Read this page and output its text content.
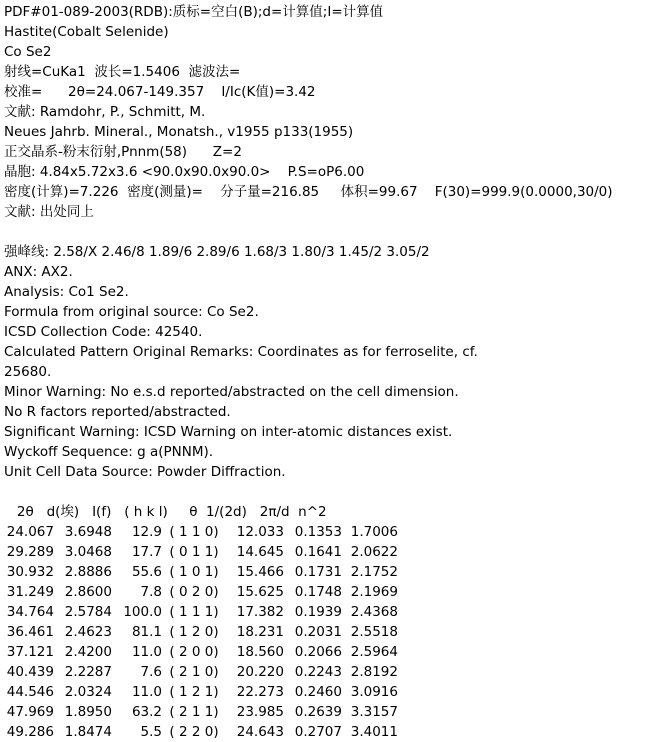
PDF#01-089-2003(RDB):质标=空白(B);d=计算值;I=计算值
Hastite(Cobalt Selenide)
Co Se2
射线=CuKa1  波长=1.5406  滤波法=
校准=      2θ=24.067-149.357    I/Ic(K值)=3.42
文献: Ramdohr, P., Schmitt, M.
Neues Jahrb. Mineral., Monatsh., v1955 p133(1955)
正交晶系-粉末衍射,Pnnm(58)      Z=2
晶胞: 4.84x5.72x3.6 <90.0x90.0x90.0>    P.S=oP6.00
密度(计算)=7.226  密度(测量)=    分子量=216.85     体积=99.67    F(30)=999.9(0.0000,30/0)
文献: 出处同上
强峰线: 2.58/X 2.46/8 1.89/6 2.89/6 1.68/3 1.80/3 1.45/2 3.05/2
ANX: AX2.
Analysis: Co1 Se2.
Formula from original source: Co Se2.
ICSD Collection Code: 42540.
Calculated Pattern Original Remarks: Coordinates as for ferroselite, cf.
25680.
Minor Warning: No e.s.d reported/abstracted on the cell dimension.
No R factors reported/abstracted.
Significant Warning: ICSD Warning on inter-atomic distances exist.
Wyckoff Sequence: g a(PNNM).
Unit Cell Data Source: Powder Diffraction.
2θ   d(埃)   I(f)   ( h k l)     θ  1/(2d)   2π/d  n^2
24.067 3.6948 12.9 ( 1 1 0) 12.033 0.1353 1.7006
29.289 3.0468 17.7 ( 0 1 1) 14.645 0.1641 2.0622
30.932 2.8886 55.6 ( 1 0 1) 15.466 0.1731 2.1752
31.249 2.8600 7.8 ( 0 2 0) 15.625 0.1748 2.1969
34.764 2.5784 100.0 ( 1 1 1) 17.382 0.1939 2.4368
36.461 2.4623 81.1 ( 1 2 0) 18.231 0.2031 2.5518
37.121 2.4200 11.0 ( 2 0 0) 18.560 0.2066 2.5964
40.439 2.2287 7.6 ( 2 1 0) 20.220 0.2243 2.8192
44.546 2.0324 11.0 ( 1 2 1) 22.273 0.2460 3.0916
47.969 1.8950 63.2 ( 2 1 1) 23.985 0.2639 3.3157
49.286 1.8474 5.5 ( 2 2 0) 24.643 0.2707 3.4011
